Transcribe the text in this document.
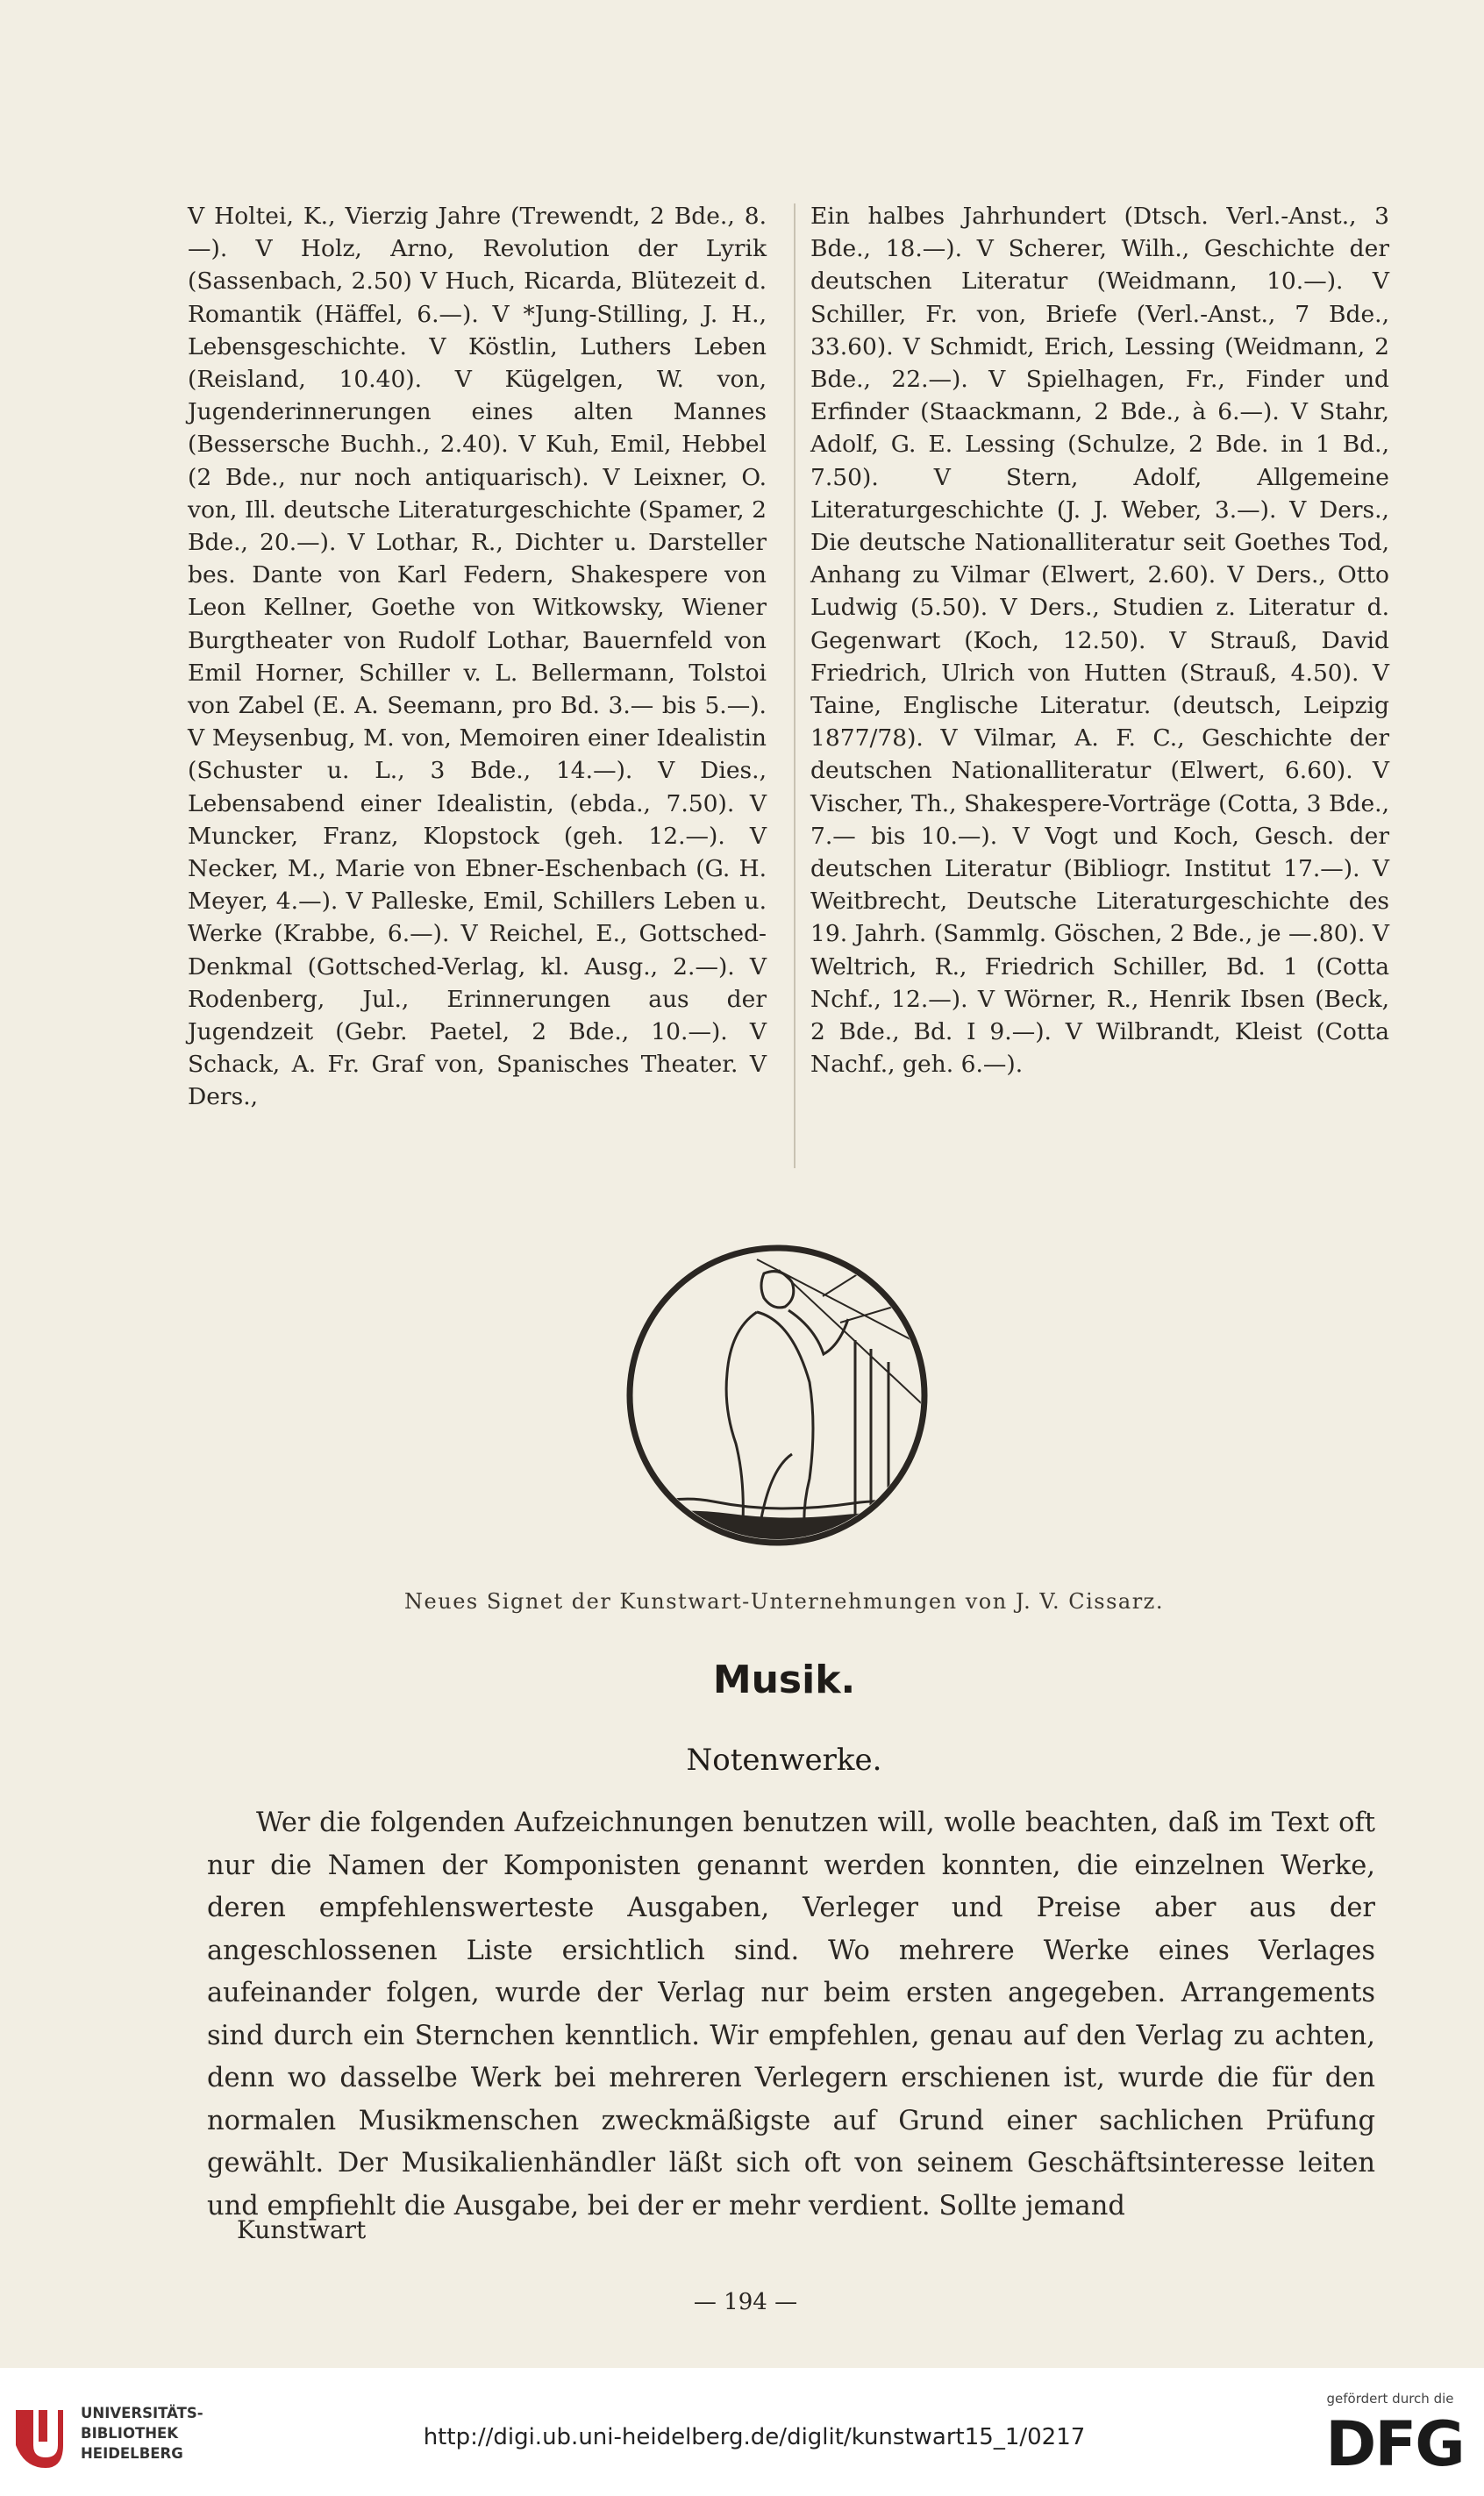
V Holtei, K., Vierzig Jahre (Trewendt, 2 Bde., 8.—). V Holz, Arno, Revolution der Lyrik (Sassenbach, 2.50) V Huch, Ricarda, Blütezeit d. Romantik (Häffel, 6.—). V *Jung-Stilling, J. H., Lebensgeschichte. V Köstlin, Luthers Leben (Reisland, 10.40). V Kügelgen, W. von, Jugenderinnerungen eines alten Mannes (Bessersche Buchh., 2.40). V Kuh, Emil, Hebbel (2 Bde., nur noch antiquarisch). V Leixner, O. von, Ill. deutsche Literaturgeschichte (Spamer, 2 Bde., 20.—). V Lothar, R., Dichter u. Darsteller bes. Dante von Karl Federn, Shakespere von Leon Kellner, Goethe von Witkowsky, Wiener Burgtheater von Rudolf Lothar, Bauernfeld von Emil Horner, Schiller v. L. Bellermann, Tolstoi von Zabel (E. A. Seemann, pro Bd. 3.— bis 5.—). V Meysenbug, M. von, Memoiren einer Idealistin (Schuster u. L., 3 Bde., 14.—). V Dies., Lebensabend einer Idealistin, (ebda., 7.50). V Muncker, Franz, Klopstock (geh. 12.—). V Necker, M., Marie von Ebner-Eschenbach (G. H. Meyer, 4.—). V Palleske, Emil, Schillers Leben u. Werke (Krabbe, 6.—). V Reichel, E., Gottsched-Denkmal (Gottsched-Verlag, kl. Ausg., 2.—). V Rodenberg, Jul., Erinnerungen aus der Jugendzeit (Gebr. Paetel, 2 Bde., 10.—). V Schack, A. Fr. Graf von, Spanisches Theater. V Ders.,

Ein halbes Jahrhundert (Dtsch. Verl.-Anst., 3 Bde., 18.—). V Scherer, Wilh., Geschichte der deutschen Literatur (Weidmann, 10.—). V Schiller, Fr. von, Briefe (Verl.-Anst., 7 Bde., 33.60). V Schmidt, Erich, Lessing (Weidmann, 2 Bde., 22.—). V Spielhagen, Fr., Finder und Erfinder (Staackmann, 2 Bde., à 6.—). V Stahr, Adolf, G. E. Lessing (Schulze, 2 Bde. in 1 Bd., 7.50). V Stern, Adolf, Allgemeine Literaturgeschichte (J. J. Weber, 3.—). V Ders., Die deutsche Nationalliteratur seit Goethes Tod, Anhang zu Vilmar (Elwert, 2.60). V Ders., Otto Ludwig (5.50). V Ders., Studien z. Literatur d. Gegenwart (Koch, 12.50). V Strauß, David Friedrich, Ulrich von Hutten (Strauß, 4.50). V Taine, Englische Literatur. (deutsch, Leipzig 1877/78). V Vilmar, A. F. C., Geschichte der deutschen Nationalliteratur (Elwert, 6.60). V Vischer, Th., Shakespere-Vorträge (Cotta, 3 Bde., 7.— bis 10.—). V Vogt und Koch, Gesch. der deutschen Literatur (Bibliogr. Institut 17.—). V Weitbrecht, Deutsche Literaturgeschichte des 19. Jahrh. (Sammlg. Göschen, 2 Bde., je —.80). V Weltrich, R., Friedrich Schiller, Bd. 1 (Cotta Nchf., 12.—). V Wörner, R., Henrik Ibsen (Beck, 2 Bde., Bd. I 9.—). V Wilbrandt, Kleist (Cotta Nachf., geh. 6.—).

Neues Signet der Kunstwart-Unternehmungen von J. V. Cissarz.
Musik.
Notenwerke.
Wer die folgenden Aufzeichnungen benutzen will, wolle beachten, daß im Text oft nur die Namen der Komponisten genannt werden konnten, die einzelnen Werke, deren empfehlenswerteste Ausgaben, Verleger und Preise aber aus der angeschlossenen Liste ersichtlich sind. Wo mehrere Werke eines Verlages aufeinander folgen, wurde der Verlag nur beim ersten angegeben. Arrangements sind durch ein Sternchen kenntlich. Wir empfehlen, genau auf den Verlag zu achten, denn wo dasselbe Werk bei mehreren Verlegern erschienen ist, wurde die für den normalen Musikmenschen zweckmäßigste auf Grund einer sachlichen Prüfung gewählt. Der Musikalienhändler läßt sich oft von seinem Geschäftsinteresse leiten und empfiehlt die Ausgabe, bei der er mehr verdient. Sollte jemand
Kunstwart
— 194 —
UNIVERSITÄTS-
BIBLIOTHEK
HEIDELBERG
http://digi.ub.uni-heidelberg.de/diglit/kunstwart15_1/0217
gefördert durch die
DFG
